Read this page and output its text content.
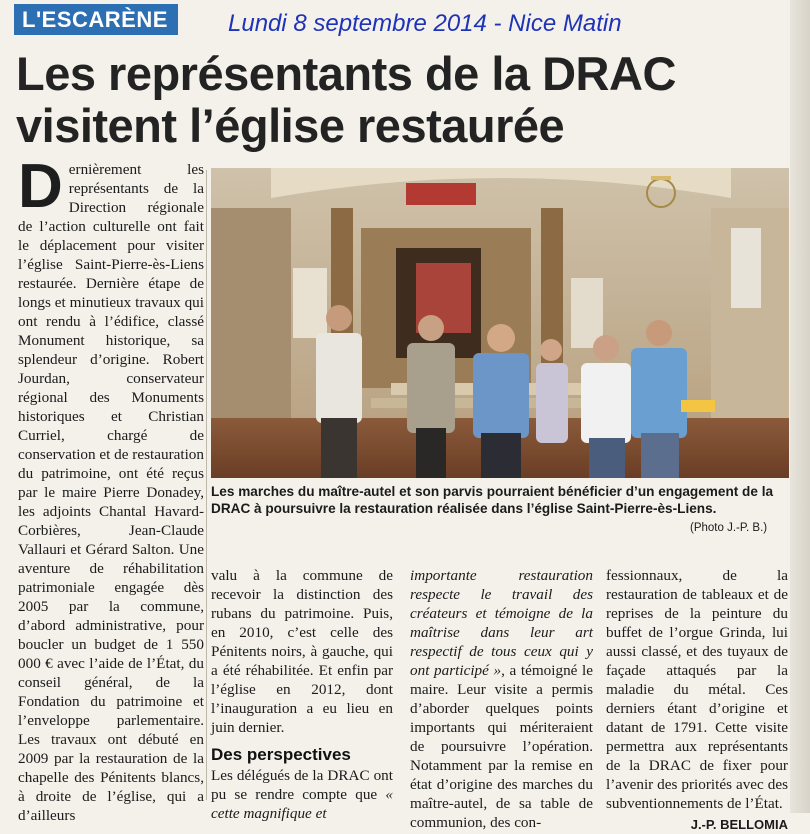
L'ESCARÈNE	Lundi 8 septembre 2014 - Nice Matin
Les représentants de la DRAC
visitent l’église restaurée

Dernièrement les représentants de la Direction régionale de l’action culturelle ont fait le déplacement pour visiter l’église Saint-Pierre-ès-Liens restaurée. Dernière étape de longs et minutieux travaux qui ont rendu à l’édifice, classé Monument historique, sa splendeur d’origine. Robert Jourdan, conservateur régional des Monuments historiques et Christian Curriel, chargé de conservation et de restauration du patrimoine, ont été reçus par le maire Pierre Donadey, les adjoints Chantal Havard-Corbières, Jean-Claude Vallauri et Gérard Salton. Une aventure de réhabilitation patrimoniale engagée dès 2005 par la commune, d’abord administrative, pour boucler un budget de 1 550 000 € avec l’aide de l’État, du conseil général, de la Fondation du patrimoine et l’enveloppe parlementaire. Les travaux ont débuté en 2009 par la restauration de la chapelle des Pénitents blancs, à droite de l’église, qui a d’ailleurs

Les marches du maître-autel et son parvis pourraient bénéficier d’un engagement de la DRAC à poursuivre la restauration réalisée dans l’église Saint-Pierre-ès-Liens.

(Photo J.-P. B.)

valu à la commune de recevoir la distinction des rubans du patrimoine. Puis, en 2010, c’est celle des Pénitents noirs, à gauche, qui a été réhabilitée. Et enfin par l’église en 2012, dont l’inauguration a eu lieu en juin dernier.

Des perspectives

Les délégués de la DRAC ont pu se rendre compte que « cette magnifique et

importante restauration respecte le travail des créateurs et témoigne de la maîtrise dans leur art respectif de tous ceux qui y ont participé », a témoigné le maire. Leur visite a permis d’aborder quelques points importants qui mériteraient de poursuivre l’opération. Notamment par la remise en état d’origine des marches du maître-autel, de sa table de communion, des con-

fessionnaux, de la restauration de tableaux et de reprises de la peinture du buffet de l’orgue Grinda, lui aussi classé, et des tuyaux de façade attaqués par la maladie du métal. Ces derniers étant d’origine et datant de 1791. Cette visite permettra aux représentants de la DRAC de fixer pour l’avenir des priorités avec des subventionnements de l’État.

J.-P. BELLOMIA
